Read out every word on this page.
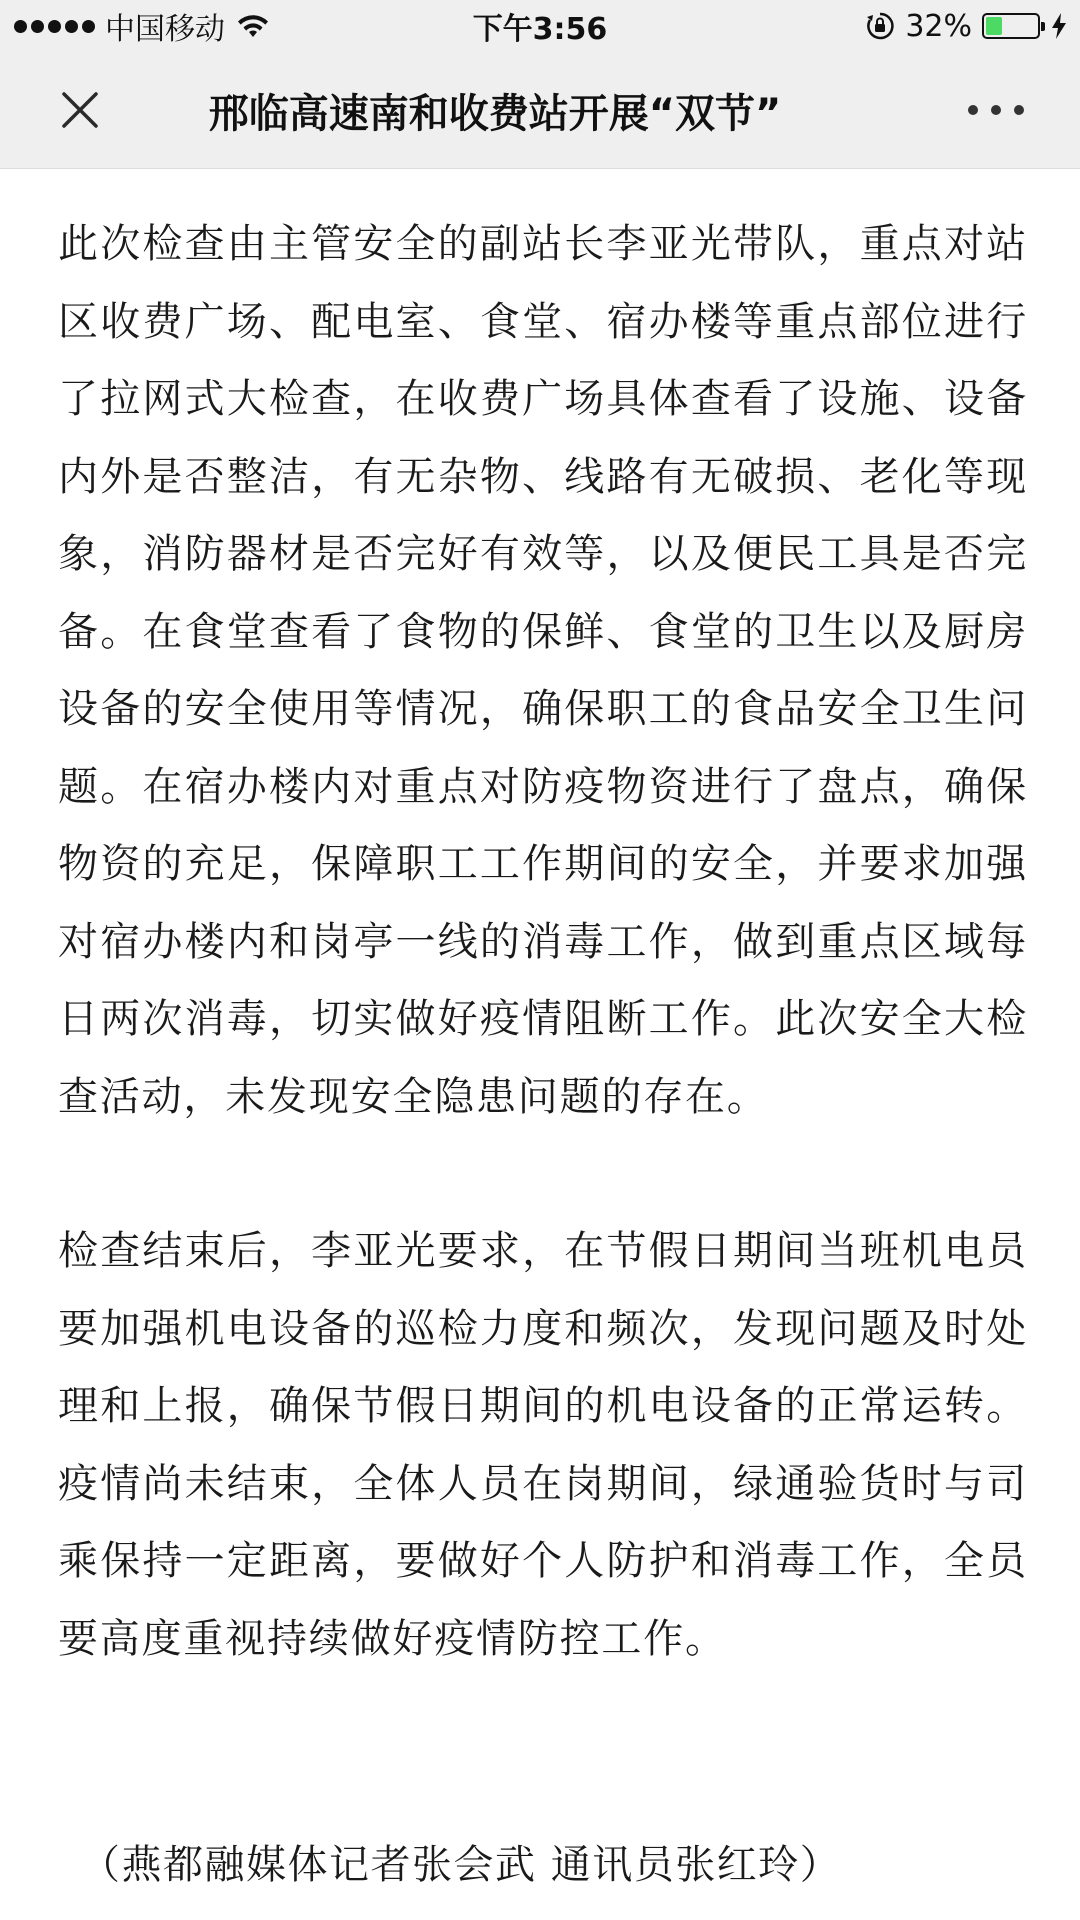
中国移动	下午3:56	32%
邢临高速南和收费站开展“双节”

此次检查由主管安全的副站长李亚光带队，重点对站区收费广场、配电室、食堂、宿办楼等重点部位进行了拉网式大检查，在收费广场具体查看了设施、设备内外是否整洁，有无杂物、线路有无破损、老化等现象，消防器材是否完好有效等，以及便民工具是否完备。在食堂查看了食物的保鲜、食堂的卫生以及厨房设备的安全使用等情况，确保职工的食品安全卫生问题。在宿办楼内对重点对防疫物资进行了盘点，确保物资的充足，保障职工工作期间的安全，并要求加强对宿办楼内和岗亭一线的消毒工作，做到重点区域每日两次消毒，切实做好疫情阻断工作。此次安全大检查活动，未发现安全隐患问题的存在。

检查结束后，李亚光要求，在节假日期间当班机电员要加强机电设备的巡检力度和频次，发现问题及时处理和上报，确保节假日期间的机电设备的正常运转。疫情尚未结束，全体人员在岗期间，绿通验货时与司乘保持一定距离，要做好个人防护和消毒工作，全员要高度重视持续做好疫情防控工作。

（燕都融媒体记者张会武 通讯员张红玲）
